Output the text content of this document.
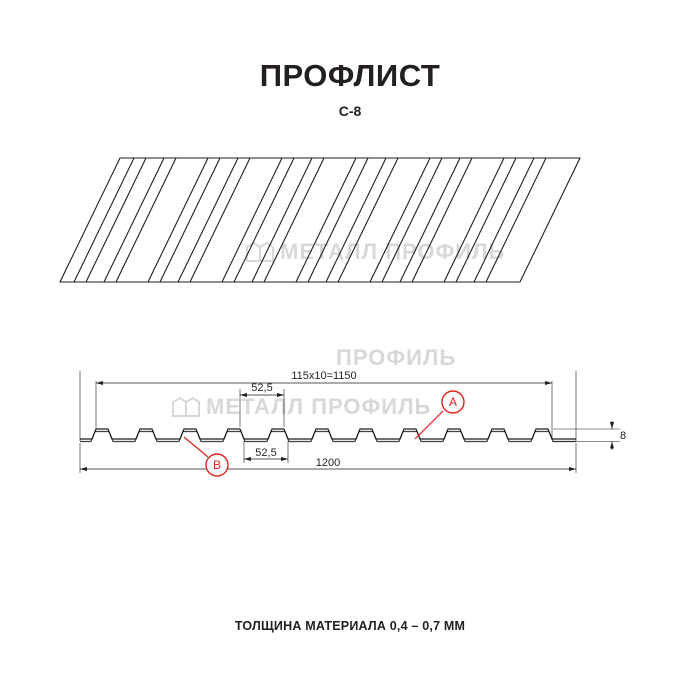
ПРОФЛИСТ
С-8
МЕТАЛЛ ПРОФИЛЬ
ПРОФИЛЬ
МЕТАЛЛ ПРОФИЛЬ
115х10=1150
52,5
52,5
1200
8
A
B
ТОЛЩИНА МАТЕРИАЛА 0,4 – 0,7 ММ
